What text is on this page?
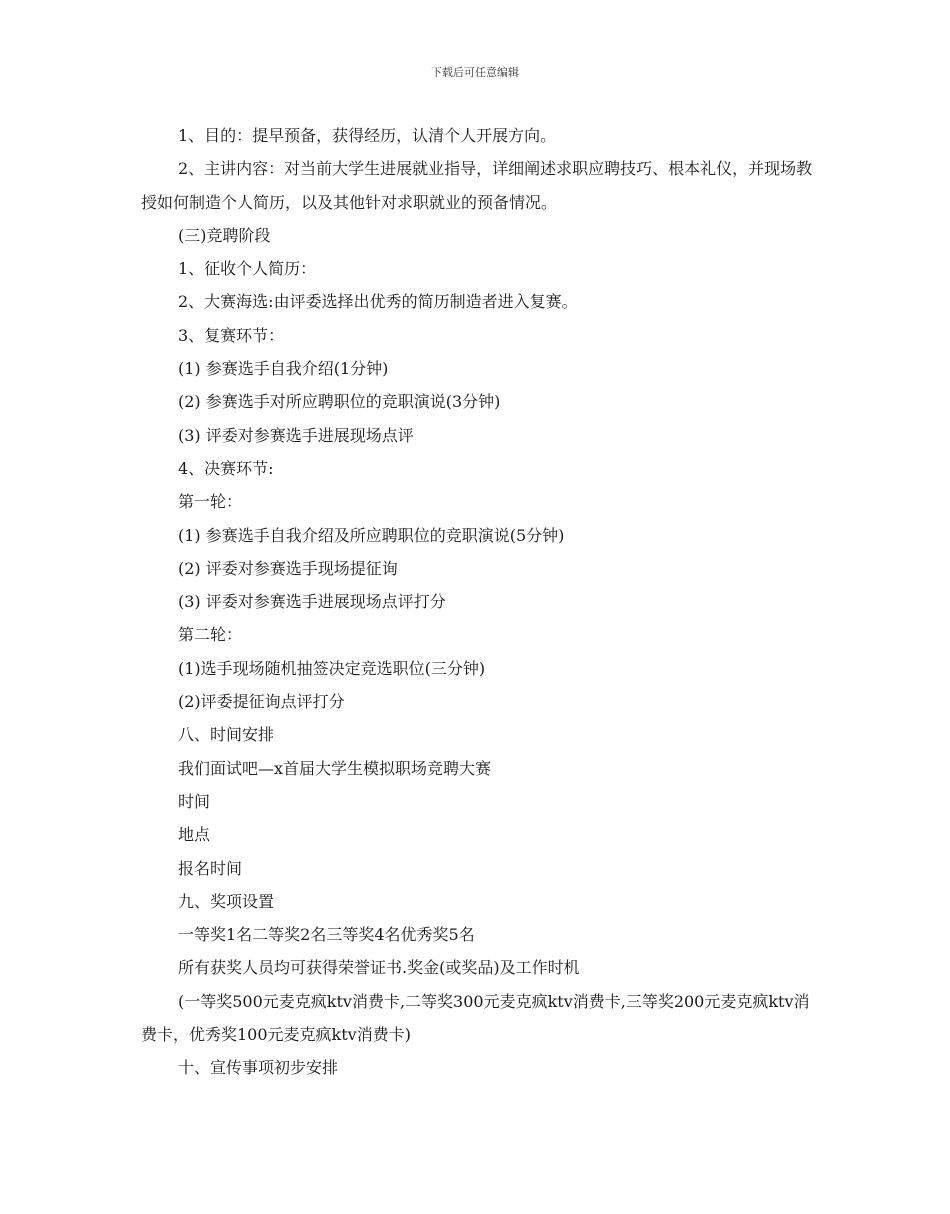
下载后可任意编辑

1、目的：提早预备，获得经历，认清个人开展方向。

2、主讲内容：对当前大学生进展就业指导，详细阐述求职应聘技巧、根本礼仪，并现场教授如何制造个人简历，以及其他针对求职就业的预备情况。

(三)竞聘阶段

1、征收个人简历：

2、大赛海选:由评委选择出优秀的简历制造者进入复赛。

3、复赛环节：

(1) 参赛选手自我介绍(1分钟)

(2) 参赛选手对所应聘职位的竞职演说(3分钟)

(3) 评委对参赛选手进展现场点评

4、决赛环节:

第一轮：

(1) 参赛选手自我介绍及所应聘职位的竞职演说(5分钟)

(2) 评委对参赛选手现场提征询

(3) 评委对参赛选手进展现场点评打分

第二轮：

(1)选手现场随机抽签决定竞选职位(三分钟)

(2)评委提征询点评打分

八、时间安排

我们面试吧—x首届大学生模拟职场竞聘大赛

时间

地点

报名时间

九、奖项设置

一等奖1名二等奖2名三等奖4名优秀奖5名

所有获奖人员均可获得荣誉证书.奖金(或奖品)及工作时机

(一等奖500元麦克疯ktv消费卡,二等奖300元麦克疯ktv消费卡,三等奖200元麦克疯ktv消费卡，优秀奖100元麦克疯ktv消费卡)

十、宣传事项初步安排
